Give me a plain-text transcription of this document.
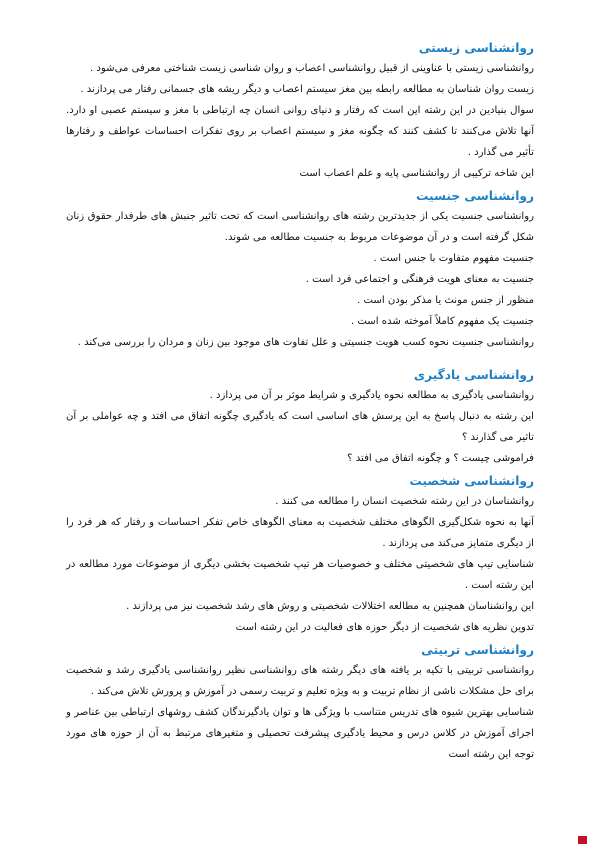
روانشناسی زیستی

روانشناسی زیستی با عناوینی از قبیل روانشناسی اعصاب و روان شناسی زیست شناختی معرفی می‌شود .

زیست روان شناسان به مطالعه رابطه بین مغز سیستم اعصاب و دیگر ریشه های جسمانی رفتار می پردازند .

سوال بنیادین در این رشته این است که رفتار و دنیای روانی انسان چه ارتباطی با مغز و سیستم عصبی او دارد. آنها تلاش می‌کنند تا کشف کنند که چگونه مغز و سیستم اعصاب بر روی تفکرات احساسات عواطف و رفتارها تأثیر می گذارد .

این شاخه ترکیبی از روانشناسی پایه و علم اعصاب است

روانشناسی جنسیت

روانشناسی جنسیت یکی از جدیدترین رشته های روانشناسی است که تحت تاثیر جنبش های طرفدار حقوق زنان شکل گرفته است و در آن موضوعات مربوط به جنسیت مطالعه می شوند.

جنسیت مفهوم متفاوت با جنس است .

جنسیت به معنای هویت فرهنگی و اجتماعی فرد است .

منظور از جنس مونث یا مذکر بودن است .

جنسیت یک مفهوم کاملاً آموخته شده است .

روانشناسی جنسیت نحوه کسب هویت جنسیتی و علل تفاوت های موجود بین زنان و مردان را بررسی می‌کند .

روانشناسی یادگیری

روانشناسی یادگیری به مطالعه نحوه یادگیری و شرایط موثر بر آن می پردازد .

این رشته به دنبال پاسخ به این پرسش های اساسی است که یادگیری چگونه اتفاق می افتد و چه عواملی بر آن تاثیر می گذارند ؟

فراموشی چیست ؟ و چگونه اتفاق می افتد ؟

روانشناسی شخصیت

روانشناسان در این رشته شخصیت انسان را مطالعه می کنند .

آنها به نحوه شکل‌گیری الگوهای مختلف شخصیت به معنای الگوهای خاص تفکر احساسات و رفتار که هر فرد را از دیگری متمایز می‌کند می پردازند .

شناسایی تیپ های شخصیتی مختلف و خصوصیات هر تیپ شخصیت بخشی دیگری از موضوعات مورد مطالعه در این رشته است .

این روانشناسان همچنین به مطالعه اختلالات شخصیتی و روش های رشد شخصیت نیز می پردازند .

تدوین نظریه های شخصیت از دیگر حوزه های فعالیت در این رشته است

روانشناسی تربیتی

روانشناسی تربیتی با تکیه بر یافته های دیگر رشته های روانشناسی نظیر روانشناسی یادگیری رشد و شخصیت برای حل مشکلات ناشی از نظام تربیت و به ویژه تعلیم و تربیت رسمی در آموزش و پرورش تلاش می‌کند .

شناسایی بهترین شیوه های تدریس متناسب با ویژگی ها و توان یادگیرندگان کشف روشهای ارتباطی بین عناصر و اجرای آموزش در کلاس درس و محیط یادگیری پیشرفت تحصیلی و متغیرهای مرتبط به آن از حوزه های مورد توجه این رشته است
